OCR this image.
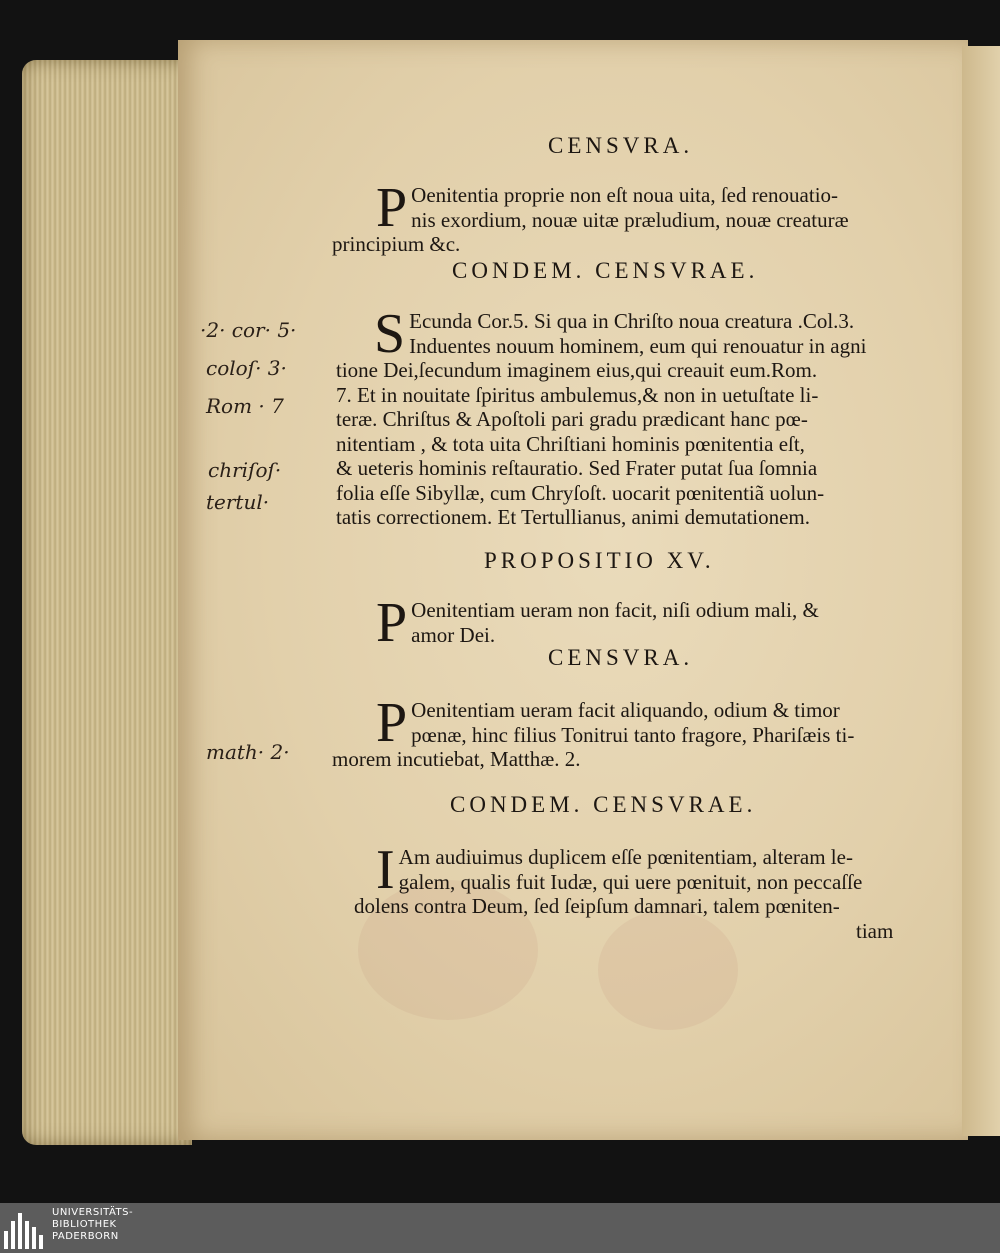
CENSVRA.
P Oenitentia proprie non eſt noua uita, ſed renouatio-
nis exordium, nouæ uitæ præludium, nouæ creaturæ
principium &c.
CONDEM. CENSVRAE.
S Ecunda Cor.5. Si qua in Chriſto noua creatura .Col.3.
Induentes nouum hominem, eum qui renouatur in agni
tione Dei,ſecundum imaginem eius,qui creauit eum.Rom.
7. Et in nouitate ſpiritus ambulemus,& non in uetuſtate li-
teræ. Chriſtus & Apoſtoli pari gradu prædicant hanc pœ-
nitentiam , & tota uita Chriſtiani hominis pœnitentia eſt,
& ueteris hominis reſtauratio. Sed Frater putat ſua ſomnia
folia eſſe Sibyllæ, cum Chryſoſt. uocarit pœnitentiã uolun-
tatis correctionem. Et Tertullianus, animi demutationem.
PROPOSITIO XV.
P Oenitentiam ueram non facit, niſi odium mali, &
amor Dei.
CENSVRA.
P Oenitentiam ueram facit aliquando, odium & timor
pœnæ, hinc filius Tonitrui tanto fragore, Phariſæis ti-
morem incutiebat, Matthæ. 2.
CONDEM. CENSVRAE.
I Am audiuimus duplicem eſſe pœnitentiam, alteram le-
galem, qualis fuit Iudæ, qui uere pœnituit, non peccaſſe
dolens contra Deum, ſed ſeipſum damnari, talem pœniten-
tiam
·2· cor· 5·
coloſ· 3·
Rom · 7
chriſoſ·
tertul·
math· 2·
UNIVERSITÄTS-
BIBLIOTHEK
PADERBORN
